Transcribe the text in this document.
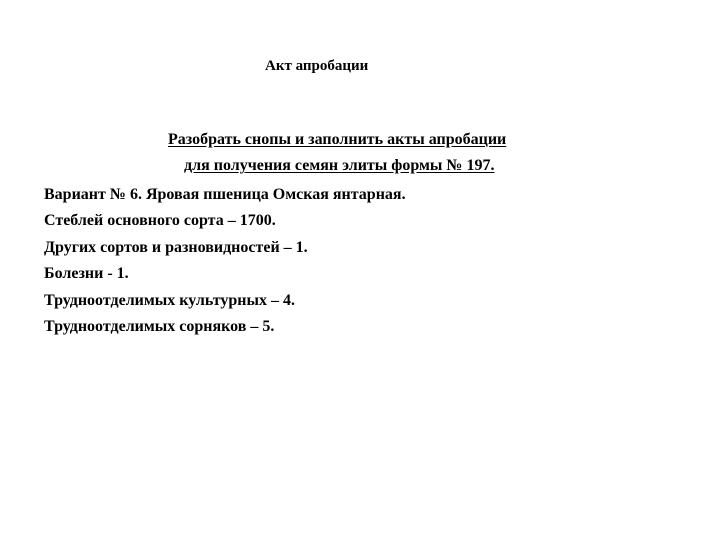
Акт апробации
Разобрать снопы и заполнить акты апробации
для получения семян элиты формы № 197.
Вариант № 6. Яровая пшеница Омская янтарная.
Стеблей основного сорта – 1700.
Других сортов и разновидностей – 1.
Болезни - 1.
Трудноотделимых культурных – 4.
Трудноотделимых сорняков – 5.
